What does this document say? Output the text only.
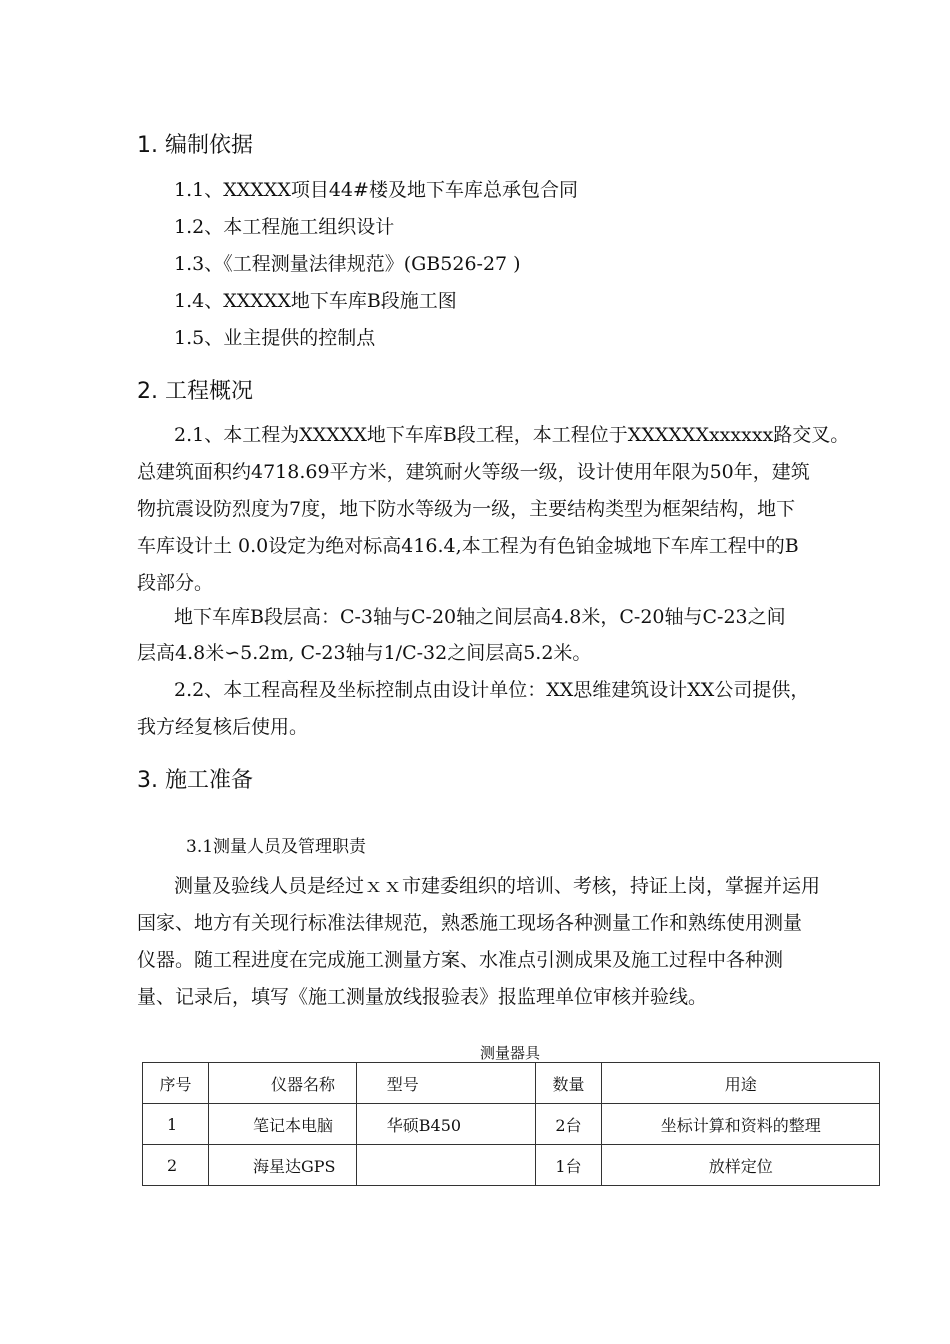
1. 编制依据
1.1、XXXXX项目44#楼及地下车库总承包合同
1.2、本工程施工组织设计
1.3、《工程测量法律规范》(GB526-27 )
1.4、XXXXX地下车库B段施工图
1.5、业主提供的控制点
2. 工程概况
2.1、本工程为XXXXX地下车库B段工程，本工程位于XXXXXXxxxxxx路交叉。
总建筑面积约4718.69平方米，建筑耐火等级一级，设计使用年限为50年，建筑
物抗震设防烈度为7度，地下防水等级为一级，主要结构类型为框架结构，地下
车库设计土 0.0设定为绝对标高416.4,本工程为有色铂金城地下车库工程中的B
段部分。
地下车库B段层高：C-3轴与C-20轴之间层高4.8米，C-20轴与C-23之间
层高4.8米∽5.2m, C-23轴与1/C-32之间层高5.2米。
2.2、本工程高程及坐标控制点由设计单位：XX思维建筑设计XX公司提供，
我方经复核后使用。
3. 施工准备
3.1测量人员及管理职责
测量及验线人员是经过ｘｘ市建委组织的培训、考核，持证上岗，掌握并运用
国家、地方有关现行标准法律规范，熟悉施工现场各种测量工作和熟练使用测量
仪器。随工程进度在完成施工测量方案、水准点引测成果及施工过程中各种测
量、记录后，填写《施工测量放线报验表》报监理单位审核并验线。
测量器具
序号	仪器名称	型号	数量	用途
1	笔记本电脑	华硕B450	2台	坐标计算和资料的整理
2	海星达GPS		1台	放样定位
